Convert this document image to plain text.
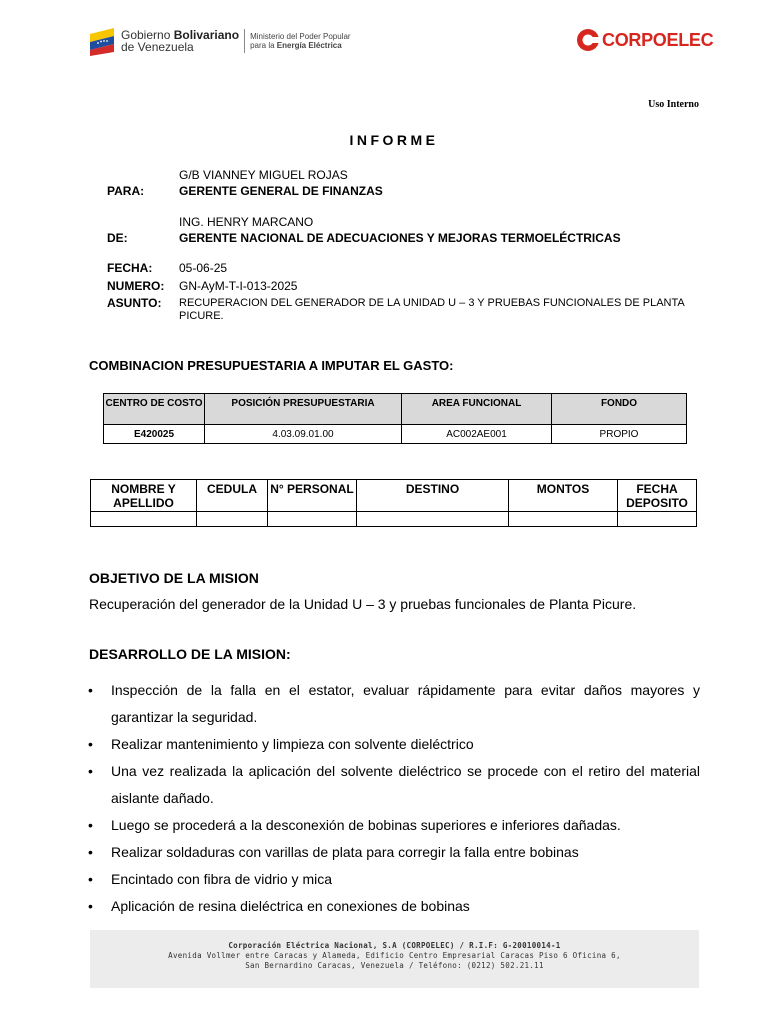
Gobierno Bolivariano
de Venezuela
Ministerio del Poder Popular
para la Energía Eléctrica	CORPOELEC
Uso Interno
INFORME
G/B VIANNEY MIGUEL ROJAS
PARA:	GERENTE GENERAL DE FINANZAS
ING. HENRY MARCANO
DE:	GERENTE NACIONAL DE ADECUACIONES Y MEJORAS TERMOELÉCTRICAS
FECHA: 05-06-25
NUMERO: GN-AyM-T-I-013-2025
ASUNTO: RECUPERACION DEL GENERADOR DE LA UNIDAD U – 3 Y PRUEBAS FUNCIONALES DE PLANTA PICURE.
COMBINACION PRESUPUESTARIA A IMPUTAR EL GASTO:
CENTRO DE COSTO	POSICIÓN PRESUPUESTARIA	AREA FUNCIONAL	FONDO
E420025	4.03.09.01.00	AC002AE001	PROPIO
NOMBRE Y APELLIDO	CEDULA	N° PERSONAL	DESTINO	MONTOS	FECHA DEPOSITO

OBJETIVO DE LA MISION
Recuperación del generador de la Unidad U – 3 y pruebas funcionales de Planta Picure.
DESARROLLO DE LA MISION:
• Inspección de la falla en el estator, evaluar rápidamente para evitar daños mayores y garantizar la seguridad.
• Realizar mantenimiento y limpieza con solvente dieléctrico
• Una vez realizada la aplicación del solvente dieléctrico se procede con el retiro del material aislante dañado.
• Luego se procederá a la desconexión de bobinas superiores e inferiores dañadas.
• Realizar soldaduras con varillas de plata para corregir la falla entre bobinas
• Encintado con fibra de vidrio y mica
• Aplicación de resina dieléctrica en conexiones de bobinas
Corporación Eléctrica Nacional, S.A (CORPOELEC) / R.I.F: G-20010014-1
Avenida Vollmer entre Caracas y Alameda, Edificio Centro Empresarial Caracas Piso 6 Oficina 6,
San Bernardino Caracas, Venezuela / Teléfono: (0212) 502.21.11
